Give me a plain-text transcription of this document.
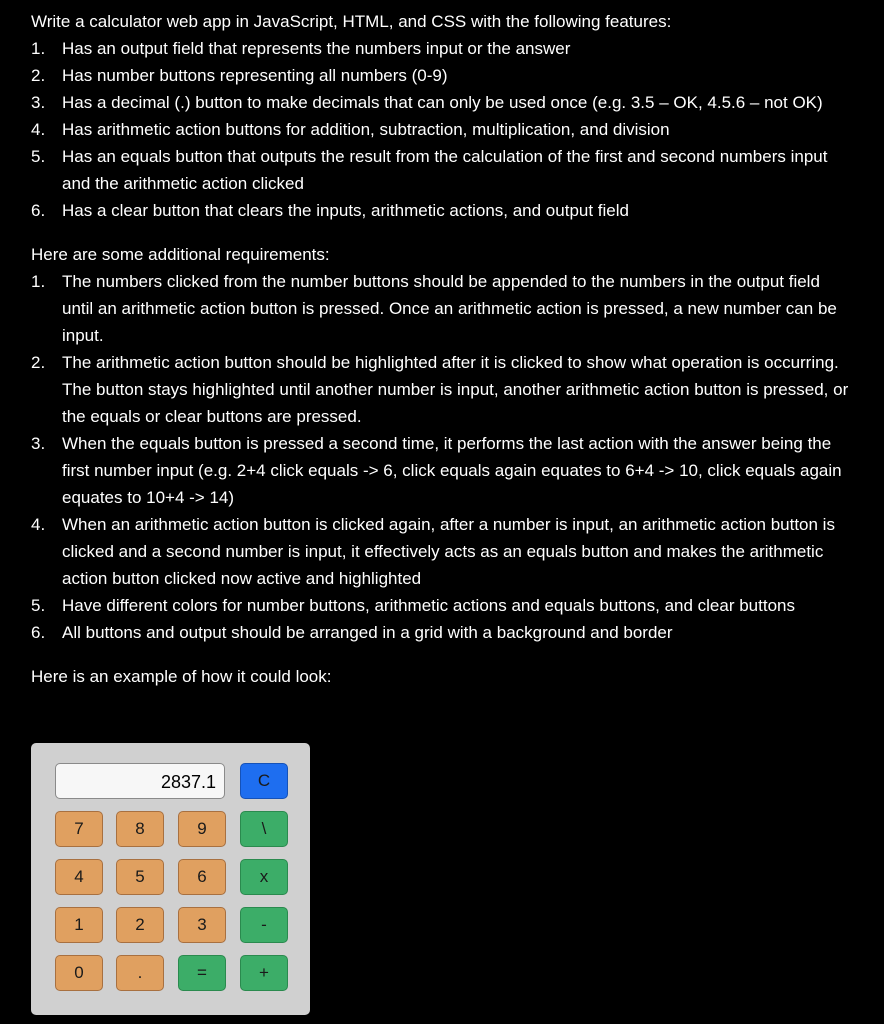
Write a calculator web app in JavaScript, HTML, and CSS with the following features:

1. Has an output field that represents the numbers input or the answer
2. Has number buttons representing all numbers (0-9)
3. Has a decimal (.) button to make decimals that can only be used once (e.g. 3.5 – OK, 4.5.6 – not OK)
4. Has arithmetic action buttons for addition, subtraction, multiplication, and division
5. Has an equals button that outputs the result from the calculation of the first and second numbers input and the arithmetic action clicked
6. Has a clear button that clears the inputs, arithmetic actions, and output field

Here are some additional requirements:

1. The numbers clicked from the number buttons should be appended to the numbers in the output field until an arithmetic action button is pressed. Once an arithmetic action is pressed, a new number can be input.
2. The arithmetic action button should be highlighted after it is clicked to show what operation is occurring. The button stays highlighted until another number is input, another arithmetic action button is pressed, or the equals or clear buttons are pressed.
3. When the equals button is pressed a second time, it performs the last action with the answer being the first number input (e.g. 2+4 click equals -> 6, click equals again equates to 6+4 -> 10, click equals again equates to 10+4 -> 14)
4. When an arithmetic action button is clicked again, after a number is input, an arithmetic action button is clicked and a second number is input, it effectively acts as an equals button and makes the arithmetic action button clicked now active and highlighted
5. Have different colors for number buttons, arithmetic actions and equals buttons, and clear buttons
6. All buttons and output should be arranged in a grid with a background and border

Here is an example of how it could look:

2837.1	C
7	8	9	\
4	5	6	x
1	2	3	-
0	.	=	+
